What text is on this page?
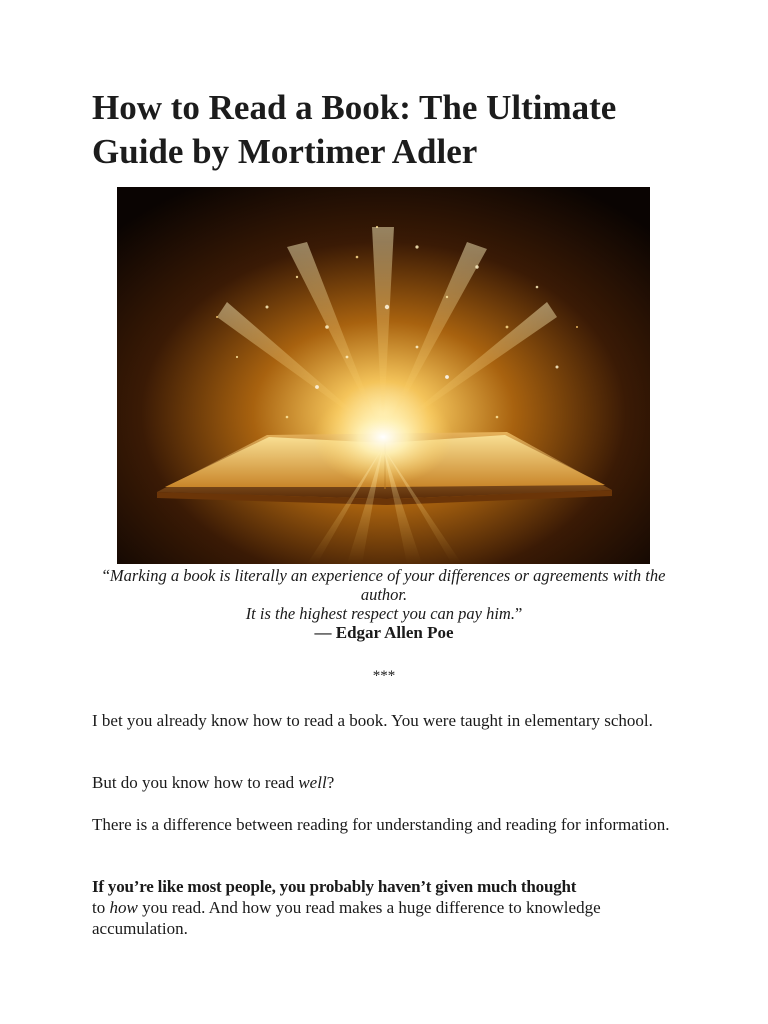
How to Read a Book: The Ultimate Guide by Mortimer Adler
“Marking a book is literally an experience of your differences or agreements with the author.
It is the highest respect you can pay him.”
— Edgar Allen Poe
***

I bet you already know how to read a book. You were taught in elementary school.

But do you know how to read well?

There is a difference between reading for understanding and reading for information.

If you’re like most people, you probably haven’t given much thought
to how you read. And how you read makes a huge difference to knowledge accumulation.
